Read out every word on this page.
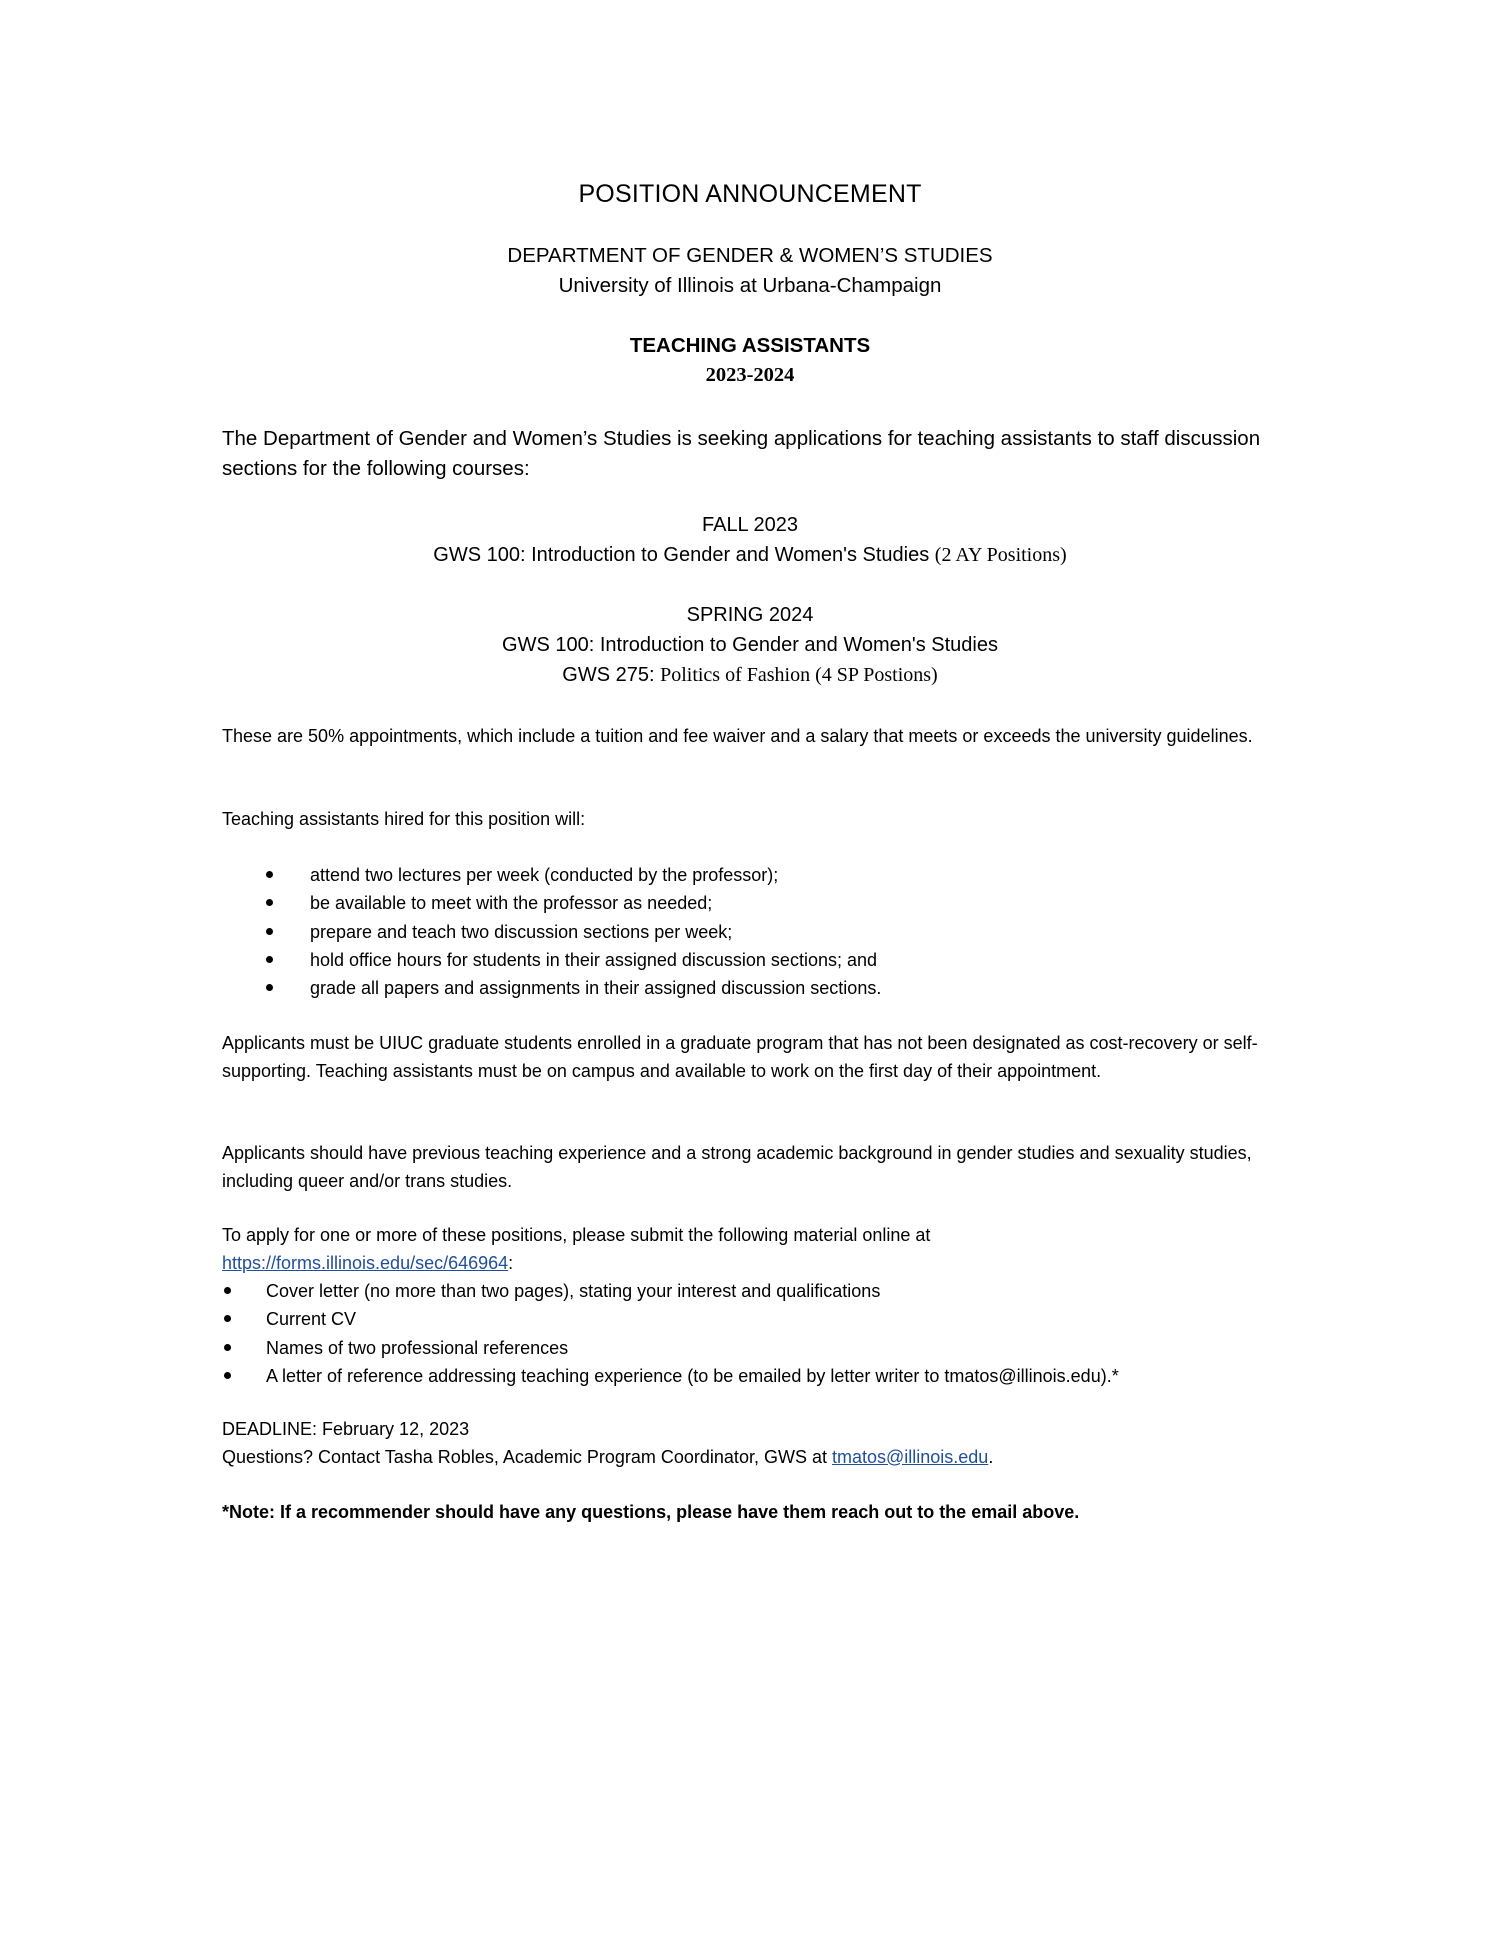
POSITION ANNOUNCEMENT
DEPARTMENT OF GENDER & WOMEN’S STUDIES
University of Illinois at Urbana-Champaign
TEACHING ASSISTANTS
2023-2024
The Department of Gender and Women’s Studies is seeking applications for teaching assistants to staff discussion sections for the following courses:
FALL 2023
GWS 100: Introduction to Gender and Women's Studies (2 AY Positions)
SPRING 2024
GWS 100: Introduction to Gender and Women's Studies
GWS 275: Politics of Fashion (4 SP Postions)
These are 50% appointments, which include a tuition and fee waiver and a salary that meets or exceeds the university guidelines.
Teaching assistants hired for this position will:
attend two lectures per week (conducted by the professor);
be available to meet with the professor as needed;
prepare and teach two discussion sections per week;
hold office hours for students in their assigned discussion sections; and
grade all papers and assignments in their assigned discussion sections.
Applicants must be UIUC graduate students enrolled in a graduate program that has not been designated as cost-recovery or self-supporting. Teaching assistants must be on campus and available to work on the first day of their appointment.
Applicants should have previous teaching experience and a strong academic background in gender studies and sexuality studies, including queer and/or trans studies.
To apply for one or more of these positions, please submit the following material online at
https://forms.illinois.edu/sec/646964:
Cover letter (no more than two pages), stating your interest and qualifications
Current CV
Names of two professional references
A letter of reference addressing teaching experience (to be emailed by letter writer to tmatos@illinois.edu).*
DEADLINE: February 12, 2023
Questions? Contact Tasha Robles, Academic Program Coordinator, GWS at tmatos@illinois.edu.
*Note: If a recommender should have any questions, please have them reach out to the email above.
